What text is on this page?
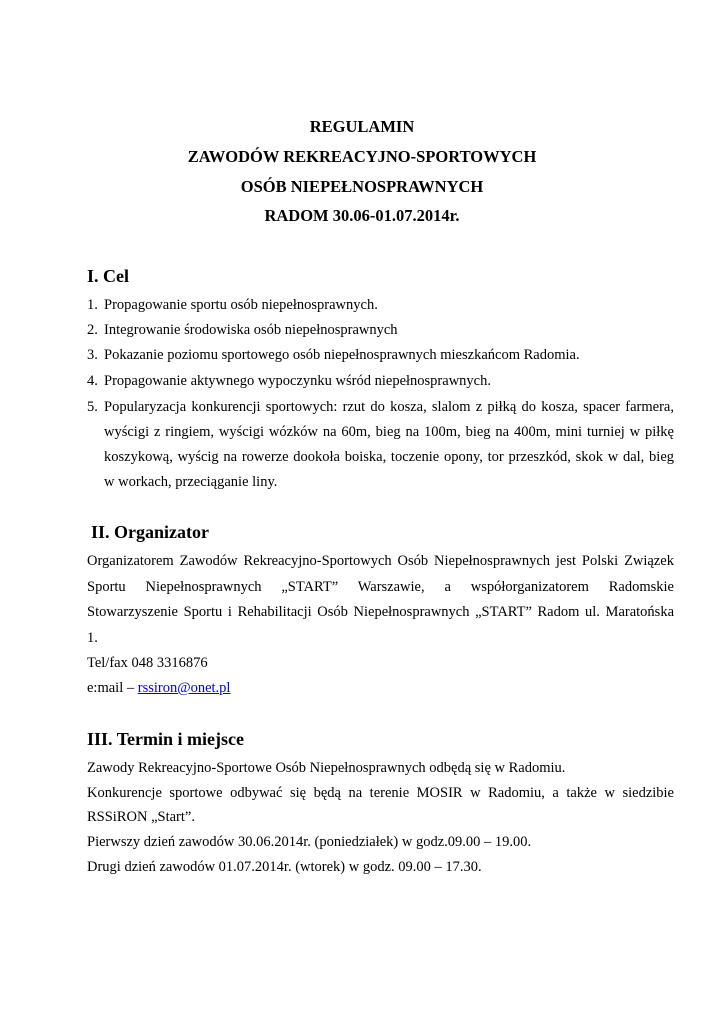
REGULAMIN
ZAWODÓW REKREACYJNO-SPORTOWYCH
OSÓB NIEPEŁNOSPRAWNYCH
RADOM 30.06-01.07.2014r.
I. Cel
1. Propagowanie sportu osób niepełnosprawnych.
2. Integrowanie środowiska osób niepełnosprawnych
3. Pokazanie poziomu sportowego osób niepełnosprawnych mieszkańcom Radomia.
4. Propagowanie aktywnego wypoczynku wśród niepełnosprawnych.
5. Popularyzacja konkurencji sportowych: rzut do kosza, slalom z piłką do kosza, spacer farmera,
wyścigi z ringiem, wyścigi wózków na 60m, bieg na 100m, bieg na 400m, mini turniej w piłkę
koszykową, wyścig na rowerze dookoła boiska, toczenie opony, tor przeszkód, skok w dal, bieg
w workach, przeciąganie liny.
II. Organizator
Organizatorem Zawodów Rekreacyjno-Sportowych Osób Niepełnosprawnych jest Polski Związek
Sportu Niepełnosprawnych „START” Warszawie, a współorganizatorem Radomskie
Stowarzyszenie Sportu i Rehabilitacji Osób Niepełnosprawnych „START” Radom ul. Maratońska
1.
Tel/fax 048 3316876
e:mail – rssiron@onet.pl
III. Termin i miejsce
Zawody Rekreacyjno-Sportowe Osób Niepełnosprawnych odbędą się w Radomiu.
Konkurencje sportowe odbywać się będą na terenie MOSIR w Radomiu, a także w siedzibie
RSSiRON „Start”.
Pierwszy dzień zawodów 30.06.2014r. (poniedziałek) w godz.09.00 – 19.00.
Drugi dzień zawodów 01.07.2014r. (wtorek) w godz. 09.00 – 17.30.
